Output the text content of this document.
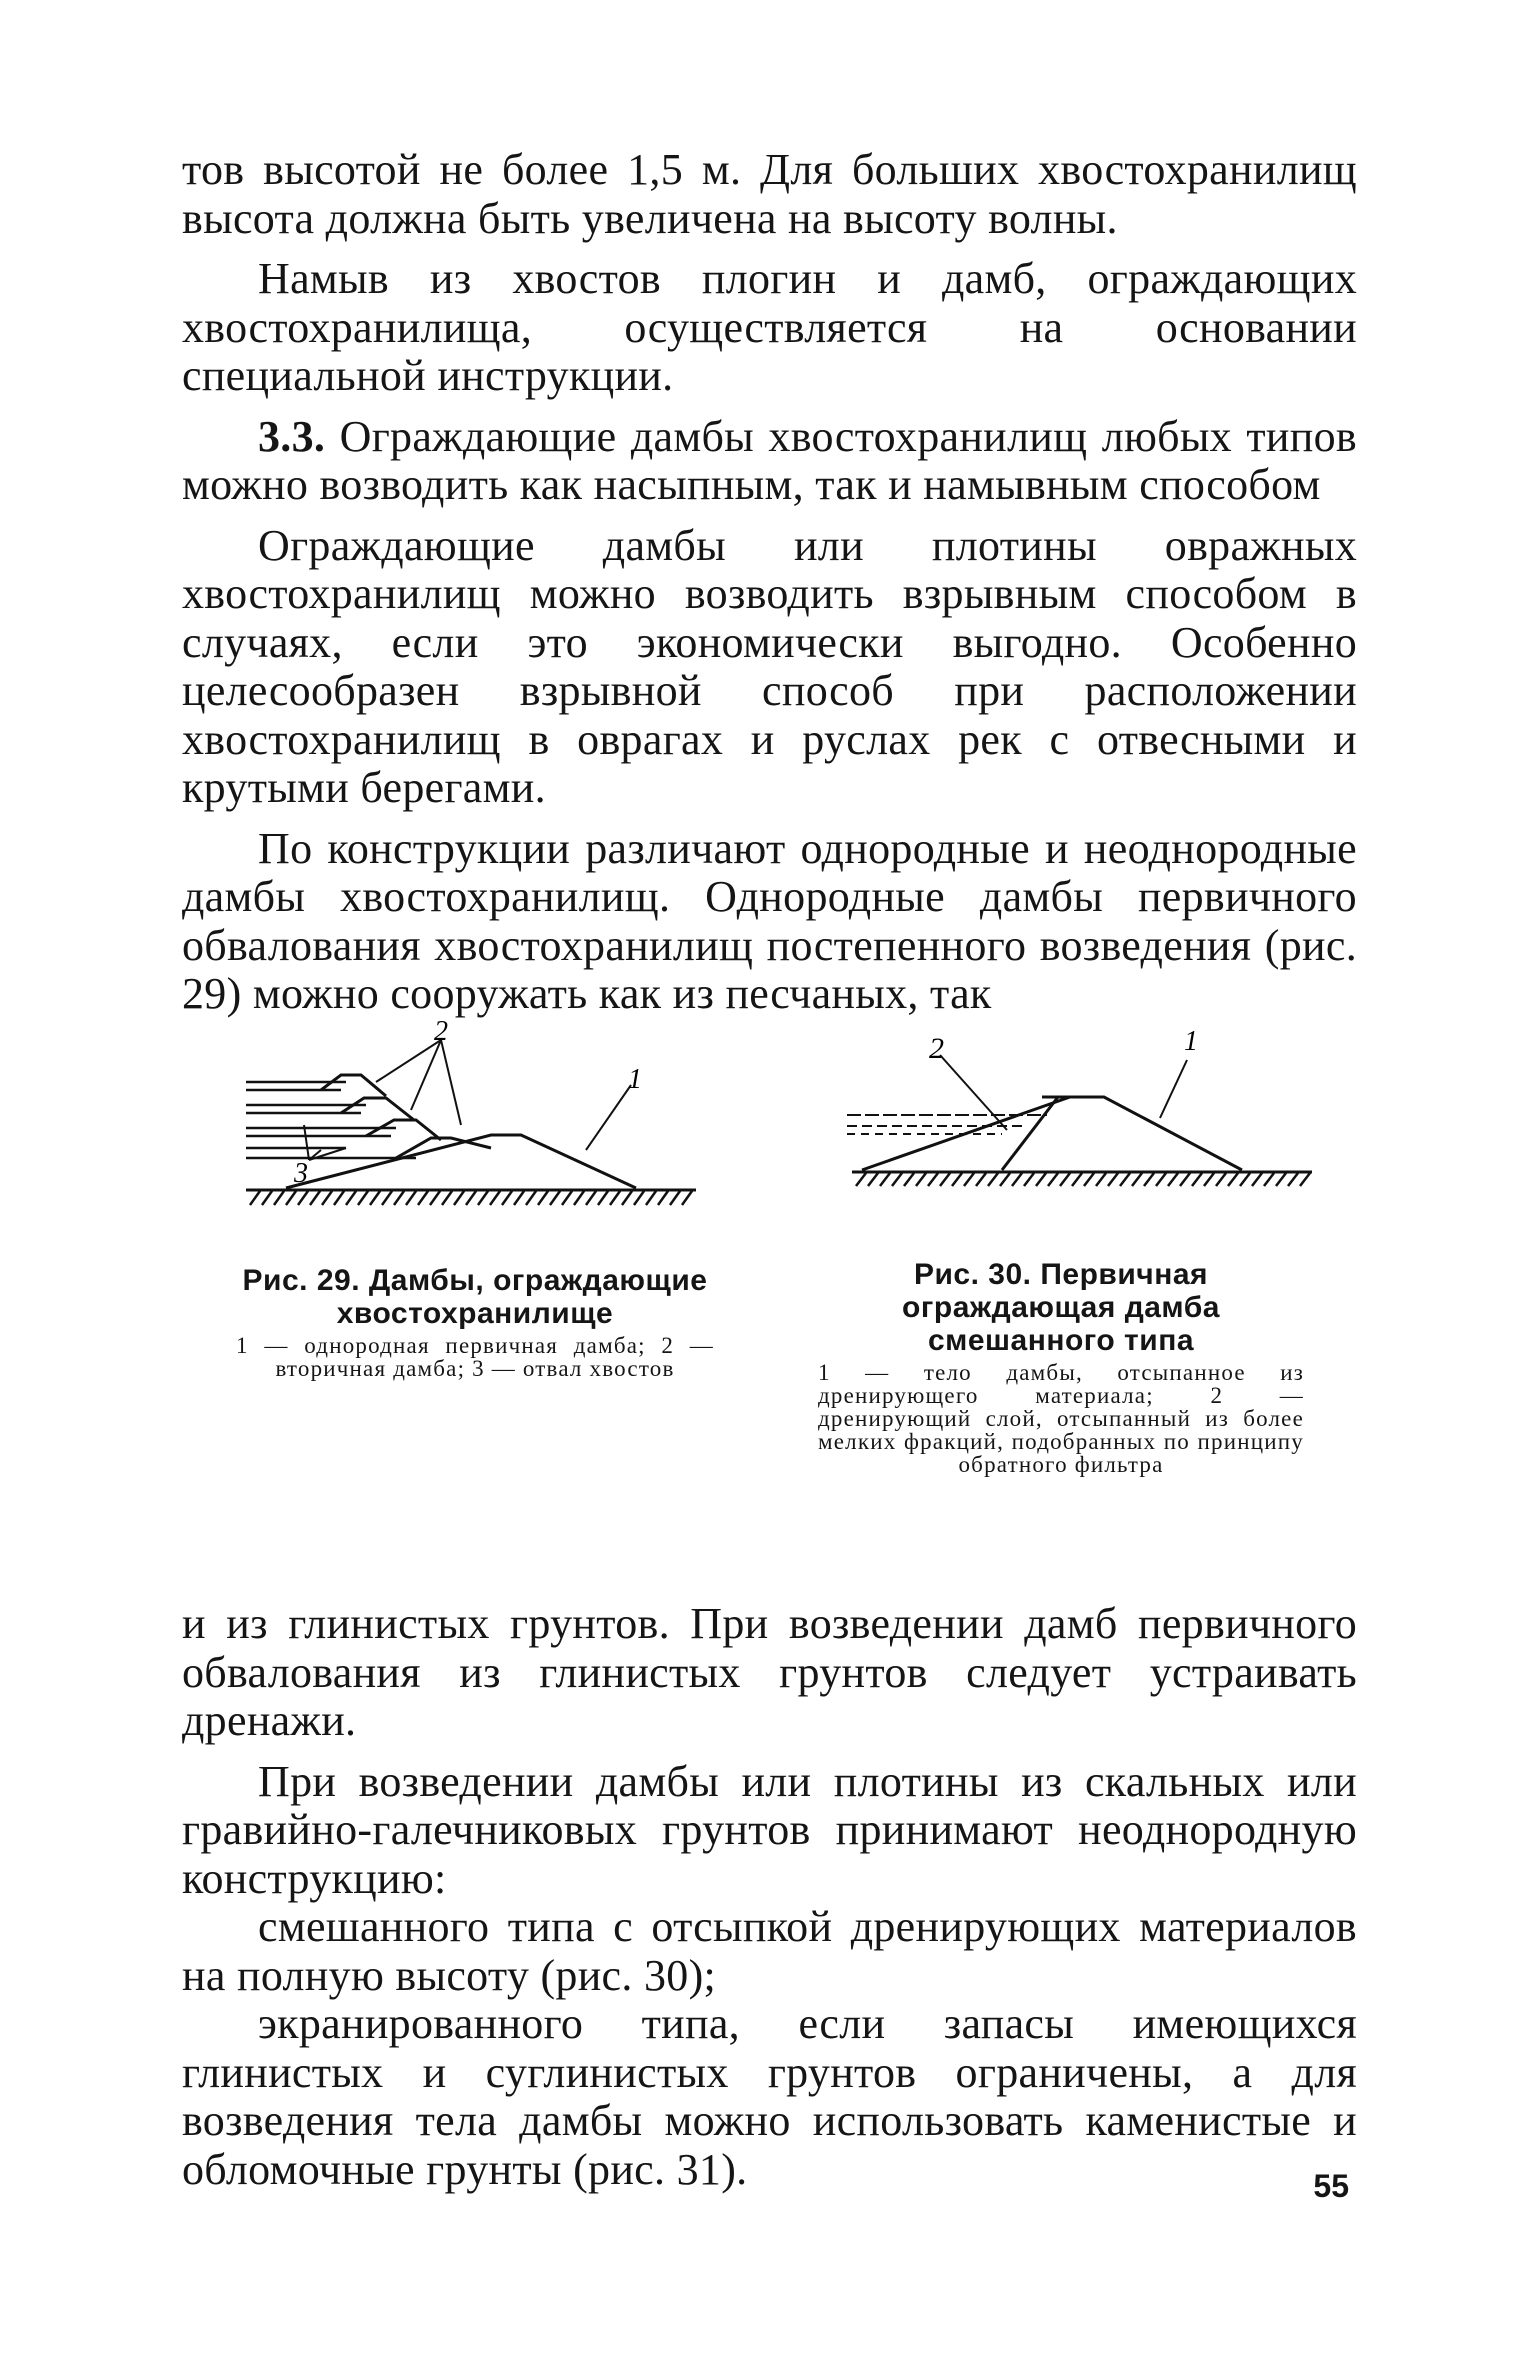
тов высотой не более 1,5 м. Для больших хвостохранилищ высота должна быть увеличена на высоту волны.

Намыв из хвостов плогин и дамб, ограждающих хвостохранилища, осуществляется на основании специальной инструкции.

3.3. Ограждающие дамбы хвостохранилищ любых типов можно возводить как насыпным, так и намывным способом

Ограждающие дамбы или плотины овражных хвостохранилищ можно возводить взрывным способом в случаях, если это экономически выгодно. Особенно целесообразен взрывной способ при расположении хвостохранилищ в оврагах и руслах рек с отвесными и крутыми берегами.

По конструкции различают однородные и неоднородные дамбы хвостохранилищ. Однородные дамбы первичного обвалования хвостохранилищ постепенного возведения (рис. 29) можно сооружать как из песчаных, так

2
1
3

Рис. 29. Дамбы, ограждающие хвостохранилище

1 — однородная первичная дамба; 2 — вторичная дамба; 3 — отвал хвостов

2	1

Рис. 30. Первичная ограждающая дамба смешанного типа

1 — тело дамбы, отсыпанное из дренирующего материала; 2 — дренирующий слой, отсыпанный из более мелких фракций, подобранных по принципу обратного фильтра

и из глинистых грунтов. При возведении дамб первичного обвалования из глинистых грунтов следует устраивать дренажи.

При возведении дамбы или плотины из скальных или гравийно-галечниковых грунтов принимают неоднородную конструкцию:

смешанного типа с отсыпкой дренирующих материалов на полную высоту (рис. 30);

экранированного типа, если запасы имеющихся глинистых и суглинистых грунтов ограничены, а для возведения тела дамбы можно использовать каменистые и обломочные грунты (рис. 31).	55
